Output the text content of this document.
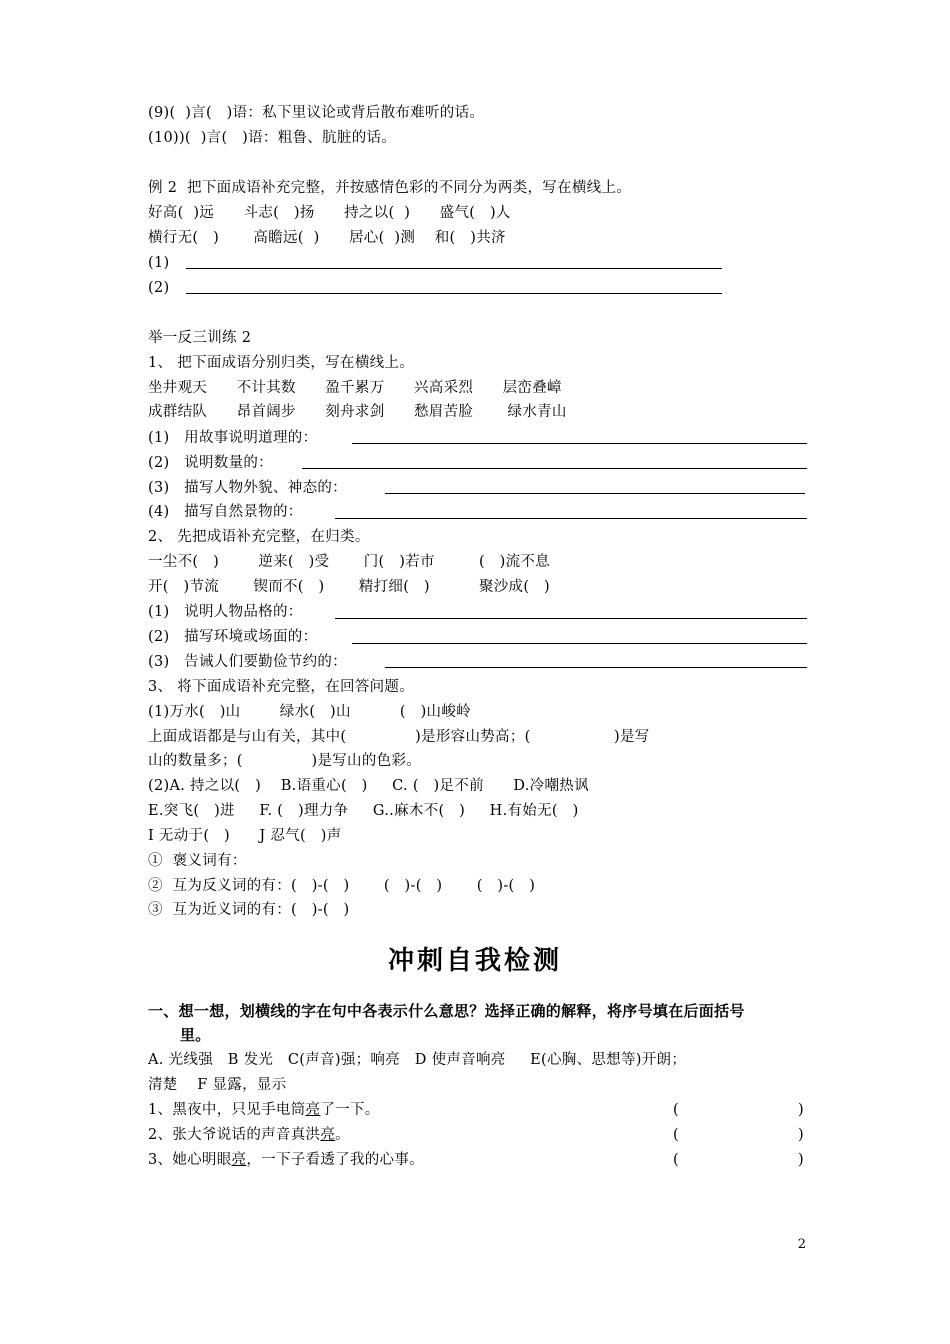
(9)(  )言(   )语：私下里议论或背后散布难听的话。
(10))(  )言(   )语：粗鲁、肮脏的话。
例 2  把下面成语补充完整，并按感情色彩的不同分为两类，写在横线上。
好高(  )远      斗志(   )扬      持之以(  )      盛气(   )人
横行无(   )       高瞻远(  )      居心(  )测    和(   )共济
(1)
(2)
举一反三训练 2
1、 把下面成语分别归类，写在横线上。
坐井观天      不计其数      盈千累万      兴高采烈      层峦叠嶂
成群结队      昂首阔步      刻舟求剑      愁眉苦脸       绿水青山
(1)   用故事说明道理的：
(2)   说明数量的：
(3)   描写人物外貌、神态的：
(4)   描写自然景物的：
2、 先把成语补充完整，在归类。
一尘不(   )        逆来(   )受       门(   )若市         (   )流不息
开(   )节流       锲而不(   )       精打细(   )          聚沙成(   )
(1)   说明人物品格的：
(2)   描写环境或场面的：
(3)   告诫人们要勤俭节约的：
3、 将下面成语补充完整，在回答问题。
(1)万水(   )山        绿水(   )山          (   )山峻岭
上面成语都是与山有关，其中(              )是形容山势高；(                 )是写
山的数量多；(              )是写山的色彩。
(2)A. 持之以(   )    B.语重心(   )     C. (   )足不前      D.冷嘲热讽
E.突飞(   )进     F. (   )理力争     G..麻木不(   )     H.有始无(   )
I 无动于(   )      J 忍气(   )声
①  褒义词有：
②  互为反义词的有：(   )-(   )       (   )-(   )       (   )-(   )
③  互为近义词的有：(   )-(   )
冲刺自我检测
一、想一想，划横线的字在句中各表示什么意思？选择正确的解释，将序号填在后面括号
里。
A. 光线强   B 发光   C(声音)强；响亮   D 使声音响亮     E(心胸、思想等)开朗；
清楚    F 显露，显示
1、黑夜中，只见手电筒亮了一下。	(	)
2、张大爷说话的声音真洪亮。	(	)
3、她心明眼亮，一下子看透了我的心事。	(	)
2
